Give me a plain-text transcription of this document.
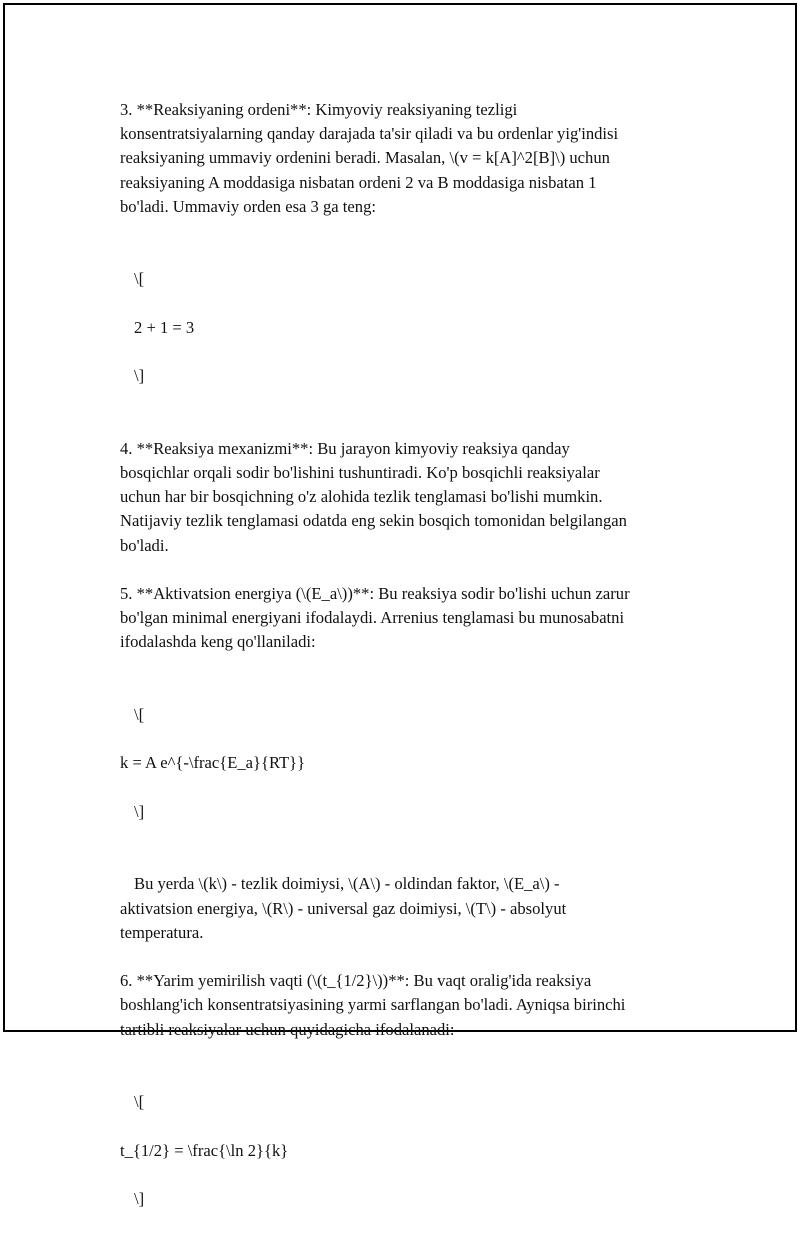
3. **Reaksiyaning ordeni**: Kimyoviy reaksiyaning tezligi
konsentratsiyalarning qanday darajada ta'sir qiladi va bu ordenlar yig'indisi
reaksiyaning ummaviy ordenini beradi. Masalan, \(v = k[A]^2[B]\) uchun
reaksiyaning A moddasiga nisbatan ordeni 2 va B moddasiga nisbatan 1
bo'ladi. Ummaviy orden esa 3 ga teng:

\[

2 + 1 = 3

\]

4. **Reaksiya mexanizmi**: Bu jarayon kimyoviy reaksiya qanday
bosqichlar orqali sodir bo'lishini tushuntiradi. Ko'p bosqichli reaksiyalar
uchun har bir bosqichning o'z alohida tezlik tenglamasi bo'lishi mumkin.
Natijaviy tezlik tenglamasi odatda eng sekin bosqich tomonidan belgilangan
bo'ladi.

5. **Aktivatsion energiya (\(E_a\))**: Bu reaksiya sodir bo'lishi uchun zarur
bo'lgan minimal energiyani ifodalaydi. Arrenius tenglamasi bu munosabatni
ifodalashda keng qo'llaniladi:

\[

k = A e^{-\frac{E_a}{RT}}

\]

Bu yerda \(k\) - tezlik doimiysi, \(A\) - oldindan faktor, \(E_a\) -
aktivatsion energiya, \(R\) - universal gaz doimiysi, \(T\) - absolyut
temperatura.

6. **Yarim yemirilish vaqti (\(t_{1/2}\))**: Bu vaqt oralig'ida reaksiya
boshlang'ich konsentratsiyasining yarmi sarflangan bo'ladi. Ayniqsa birinchi
tartibli reaksiyalar uchun quyidagicha ifodalanadi:

\[

t_{1/2} = \frac{\ln 2}{k}

\]
